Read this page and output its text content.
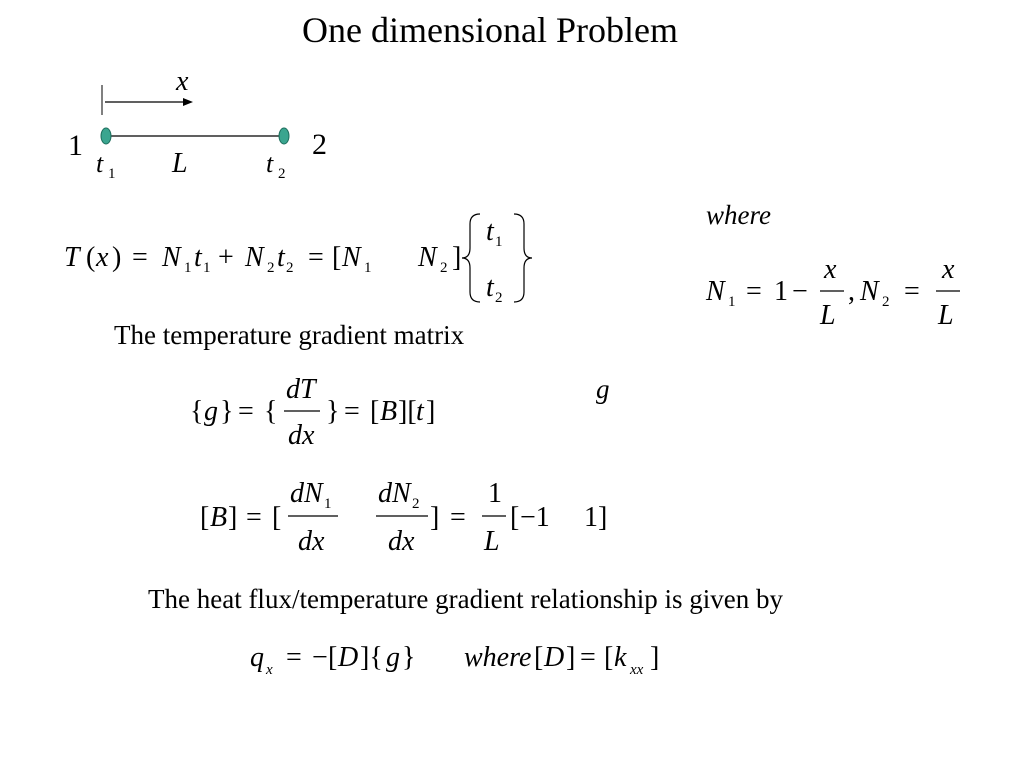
One dimensional Problem
x
1	2
t 1 L	t 2
where
T ( x ) = N 1 t 1 + N 2 t 2 = [ N 1 N 2 ]
t 1
t 2	N 1 = 1 −
x
L
, N 2 =
x
L
The temperature gradient matrix
g
{ g } = {
dT
dx
} = [ B ][ t ]
[ B ] = [
dN 1
dx
dN 2
dx
] =
1
L
[ −1 1 ]
The heat flux/temperature gradient relationship is given by
q x = − [ D ]{ g } where [ D ] = [ k xx ]
